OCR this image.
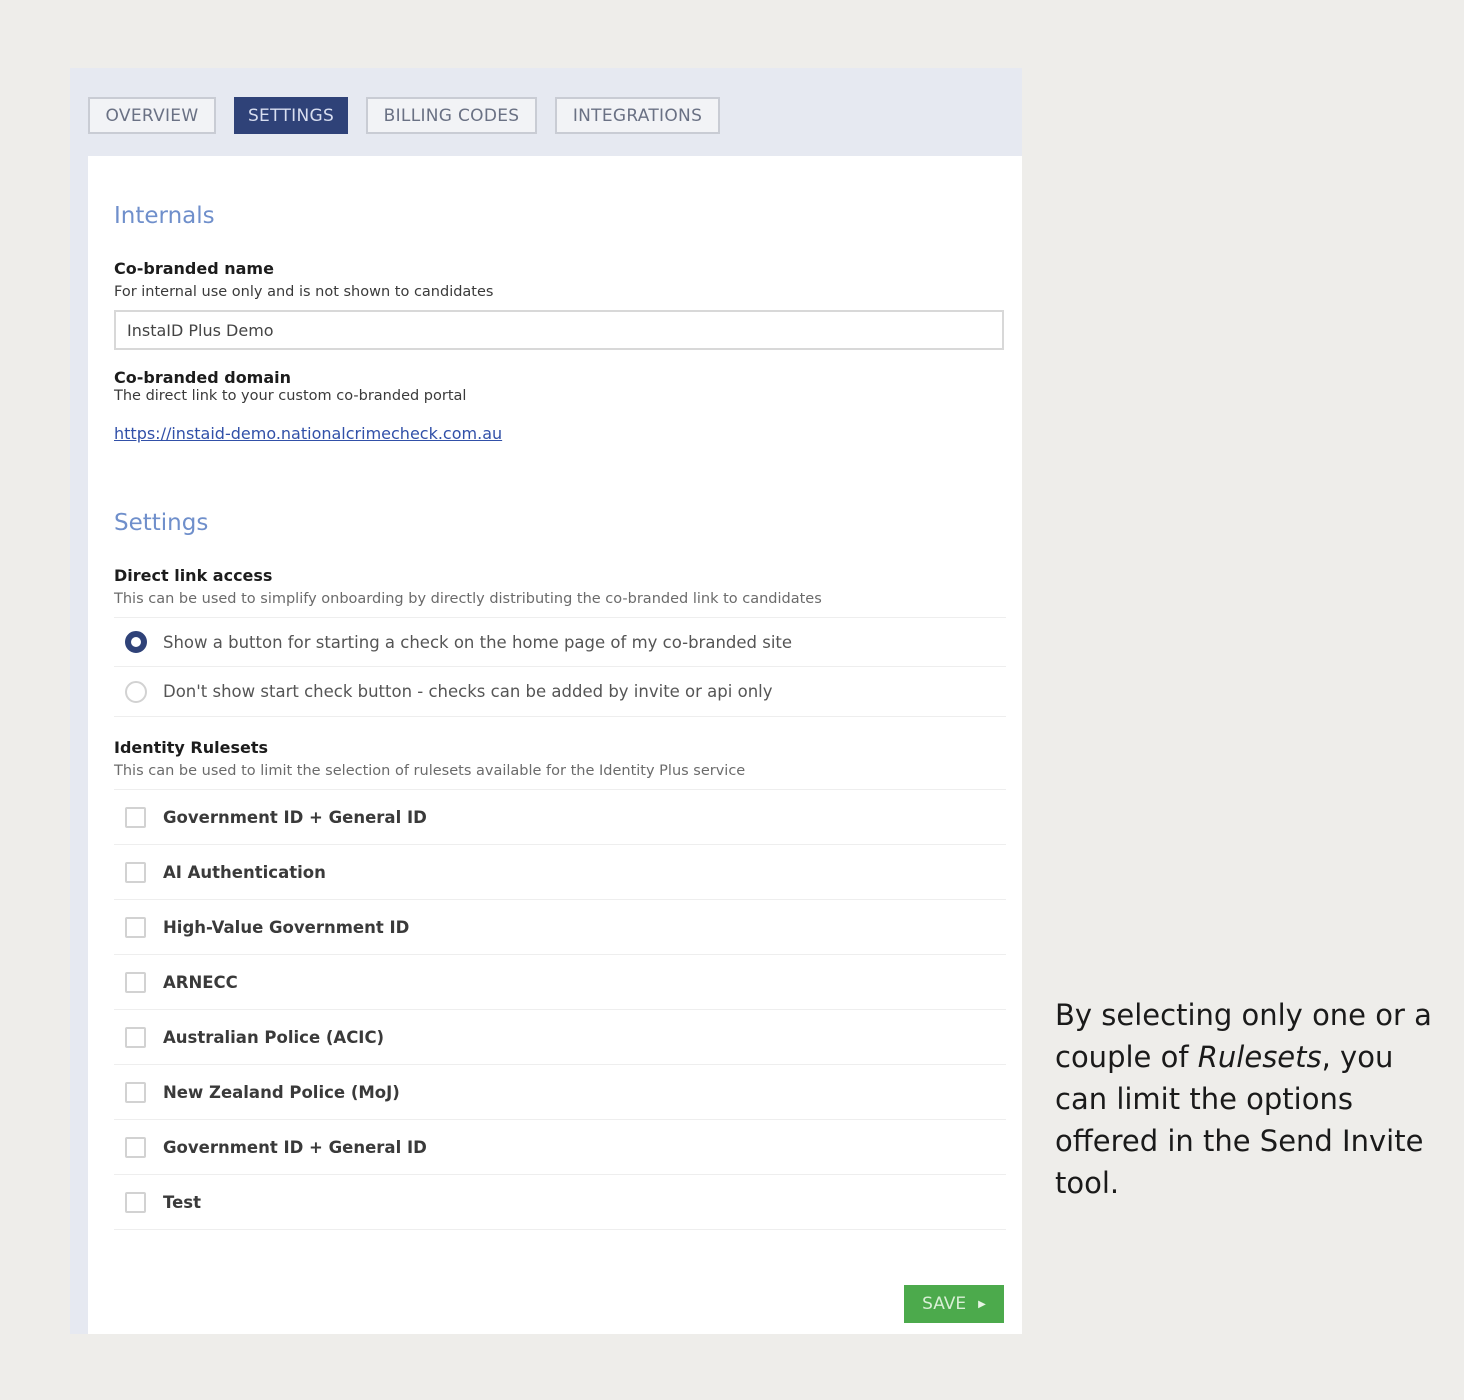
OVERVIEW	SETTINGS	BILLING CODES	INTEGRATIONS
Internals
Co-branded name
For internal use only and is not shown to candidates
InstaID Plus Demo
Co-branded domain
The direct link to your custom co-branded portal
https://instaid-demo.nationalcrimecheck.com.au
Settings
Direct link access
This can be used to simplify onboarding by directly distributing the co-branded link to candidates
Show a button for starting a check on the home page of my co-branded site
Don't show start check button - checks can be added by invite or api only
Identity Rulesets
This can be used to limit the selection of rulesets available for the Identity Plus service
Government ID + General ID
AI Authentication
High-Value Government ID
ARNECC
Australian Police (ACIC)
New Zealand Police (MoJ)
Government ID + General ID
Test
SAVE ▶
By selecting only one or a couple of Rulesets, you can limit the options offered in the Send Invite tool.
